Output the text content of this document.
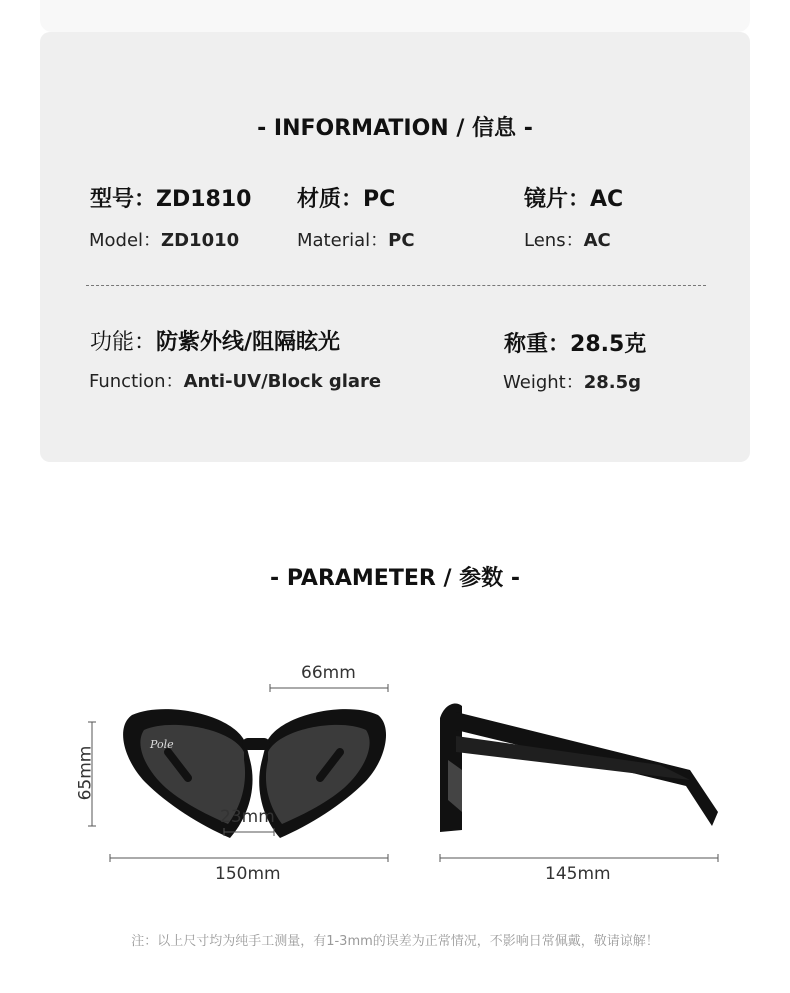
- INFORMATION / 信息 -
型号：ZD1810 材质：PC	镜片：AC
Model：ZD1010	Material：PC	Lens：AC
功能：防紫外线/阻隔眩光	称重：28.5克
Function：Anti-UV/Block glare	Weight：28.5g
- PARAMETER / 参数 -
Pole
66mm
65mm
23mm
150mm	145mm
注：以上尺寸均为纯手工测量，有1-3mm的误差为正常情况，不影响日常佩戴，敬请谅解！
